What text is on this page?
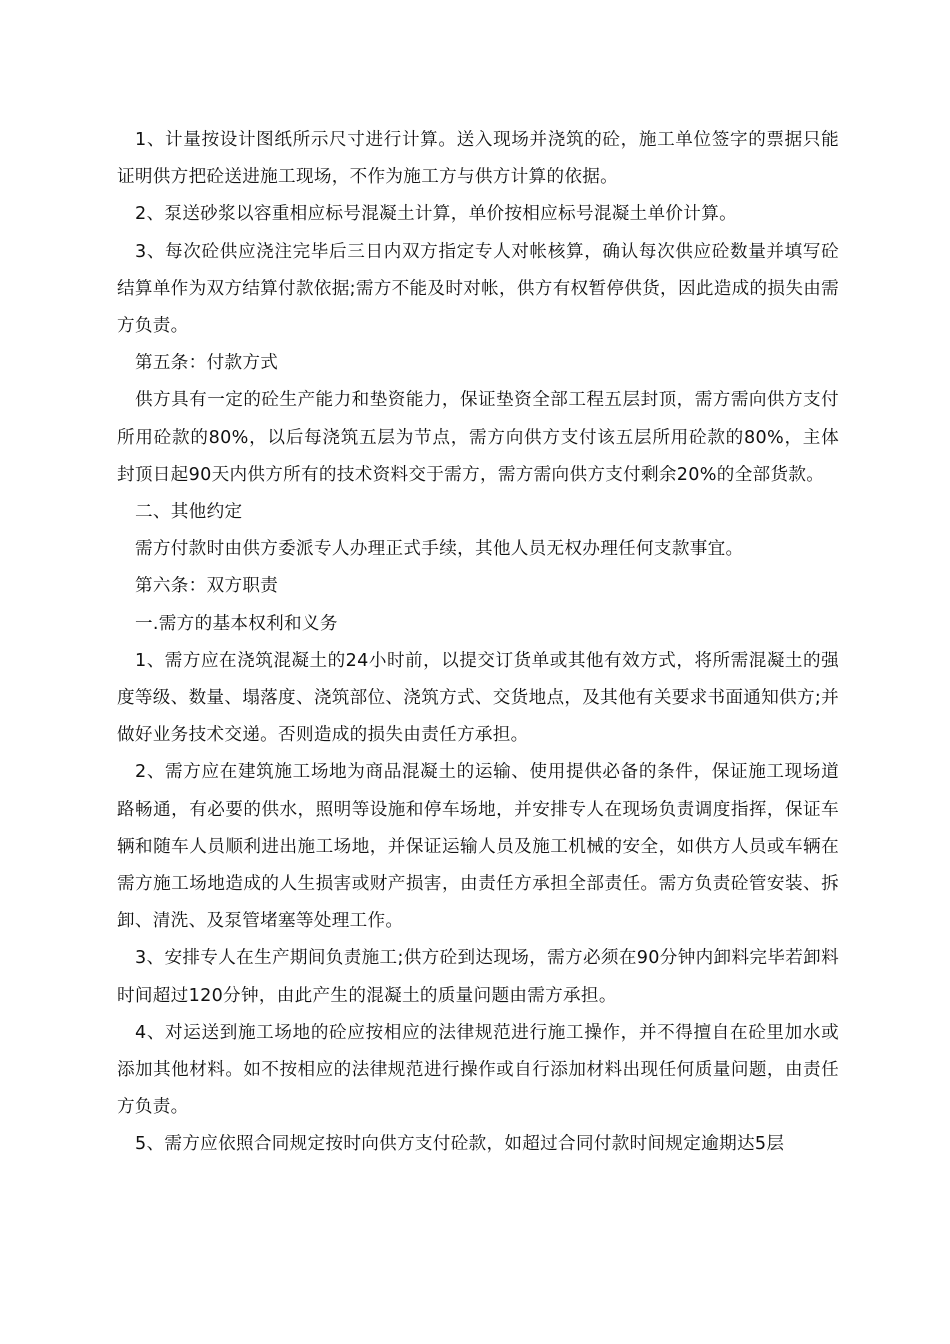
1、计量按设计图纸所示尺寸进行计算。送入现场并浇筑的砼，施工单位签字的票据只能证明供方把砼送进施工现场，不作为施工方与供方计算的依据。

2、泵送砂浆以容重相应标号混凝土计算，单价按相应标号混凝土单价计算。

3、每次砼供应浇注完毕后三日内双方指定专人对帐核算，确认每次供应砼数量并填写砼结算单作为双方结算付款依据;需方不能及时对帐，供方有权暂停供货，因此造成的损失由需方负责。

第五条：付款方式

供方具有一定的砼生产能力和垫资能力，保证垫资全部工程五层封顶，需方需向供方支付所用砼款的80%，以后每浇筑五层为节点，需方向供方支付该五层所用砼款的80%，主体封顶日起90天内供方所有的技术资料交于需方，需方需向供方支付剩余20%的全部货款。

二、其他约定

需方付款时由供方委派专人办理正式手续，其他人员无权办理任何支款事宜。

第六条：双方职责

一.需方的基本权利和义务

1、需方应在浇筑混凝土的24小时前，以提交订货单或其他有效方式，将所需混凝土的强度等级、数量、塌落度、浇筑部位、浇筑方式、交货地点，及其他有关要求书面通知供方;并做好业务技术交递。否则造成的损失由责任方承担。

2、需方应在建筑施工场地为商品混凝土的运输、使用提供必备的条件，保证施工现场道路畅通，有必要的供水，照明等设施和停车场地，并安排专人在现场负责调度指挥，保证车辆和随车人员顺利进出施工场地，并保证运输人员及施工机械的安全，如供方人员或车辆在需方施工场地造成的人生损害或财产损害，由责任方承担全部责任。需方负责砼管安装、拆卸、清洗、及泵管堵塞等处理工作。

3、安排专人在生产期间负责施工;供方砼到达现场，需方必须在90分钟内卸料完毕若卸料时间超过120分钟，由此产生的混凝土的质量问题由需方承担。

4、对运送到施工场地的砼应按相应的法律规范进行施工操作，并不得擅自在砼里加水或添加其他材料。如不按相应的法律规范进行操作或自行添加材料出现任何质量问题，由责任方负责。

5、需方应依照合同规定按时向供方支付砼款，如超过合同付款时间规定逾期达5层
